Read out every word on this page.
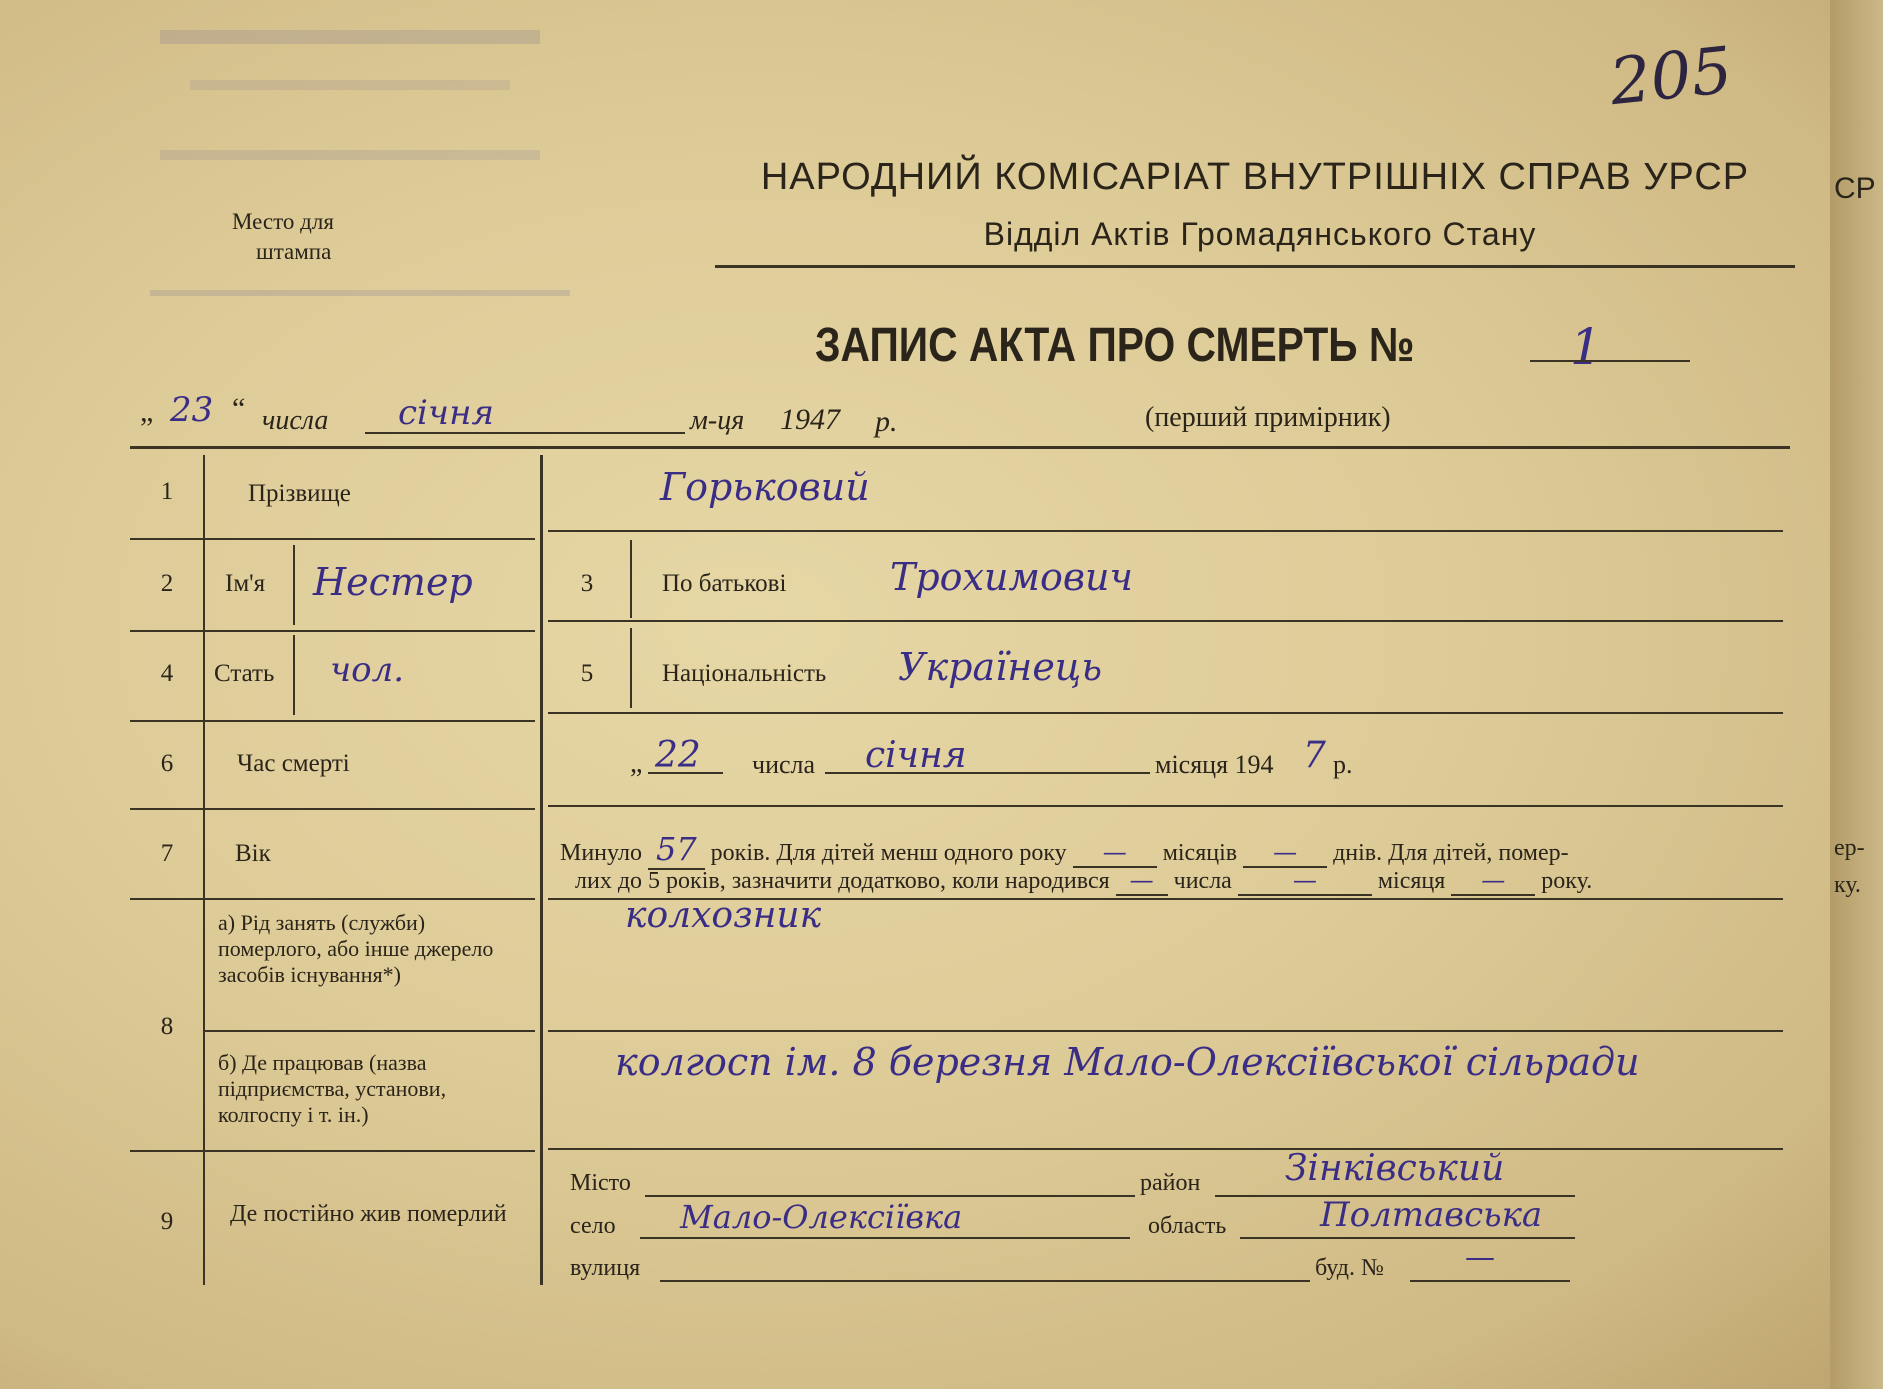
205
Место для
штампа
НАРОДНИЙ КОМІСАРІАТ ВНУТРІШНІХ СПРАВ УРСР
Відділ Актів Громадянського Стану
ЗАПИС АКТА ПРО СМЕРТЬ №	1
„ 23 “ числа січня	м-ця 1947 р.	(перший примірник)
1	Прізвище	Горьковий
2	Ім'я Нестер	3	По батькові	Трохимович
4	Стать чол.	5	Національність Українець
6	Час смерті	„ 22 числа січня	місяця 194 7 р.
7	Вік	Минуло 57 років. Для дітей менш одного року — місяців — днів. Для дітей, помер-
лих до 5 років, зазначити додатково, коли народився — числа	—	місяця — року.
8
а) Рід занять (служби) померлого, або інше джерело засобів існування*)
колхозник
б) Де працював (назва підприємства, установи, колгоспу і т. ін.)
колгосп ім. 8 березня Мало-Олексіївської сільради
9	Де постійно жив померлий
Місто	район Зінківський
село Мало-Олексіївка	область	Полтавська
вулиця	буд. №	—
СР
ер-
ку.
